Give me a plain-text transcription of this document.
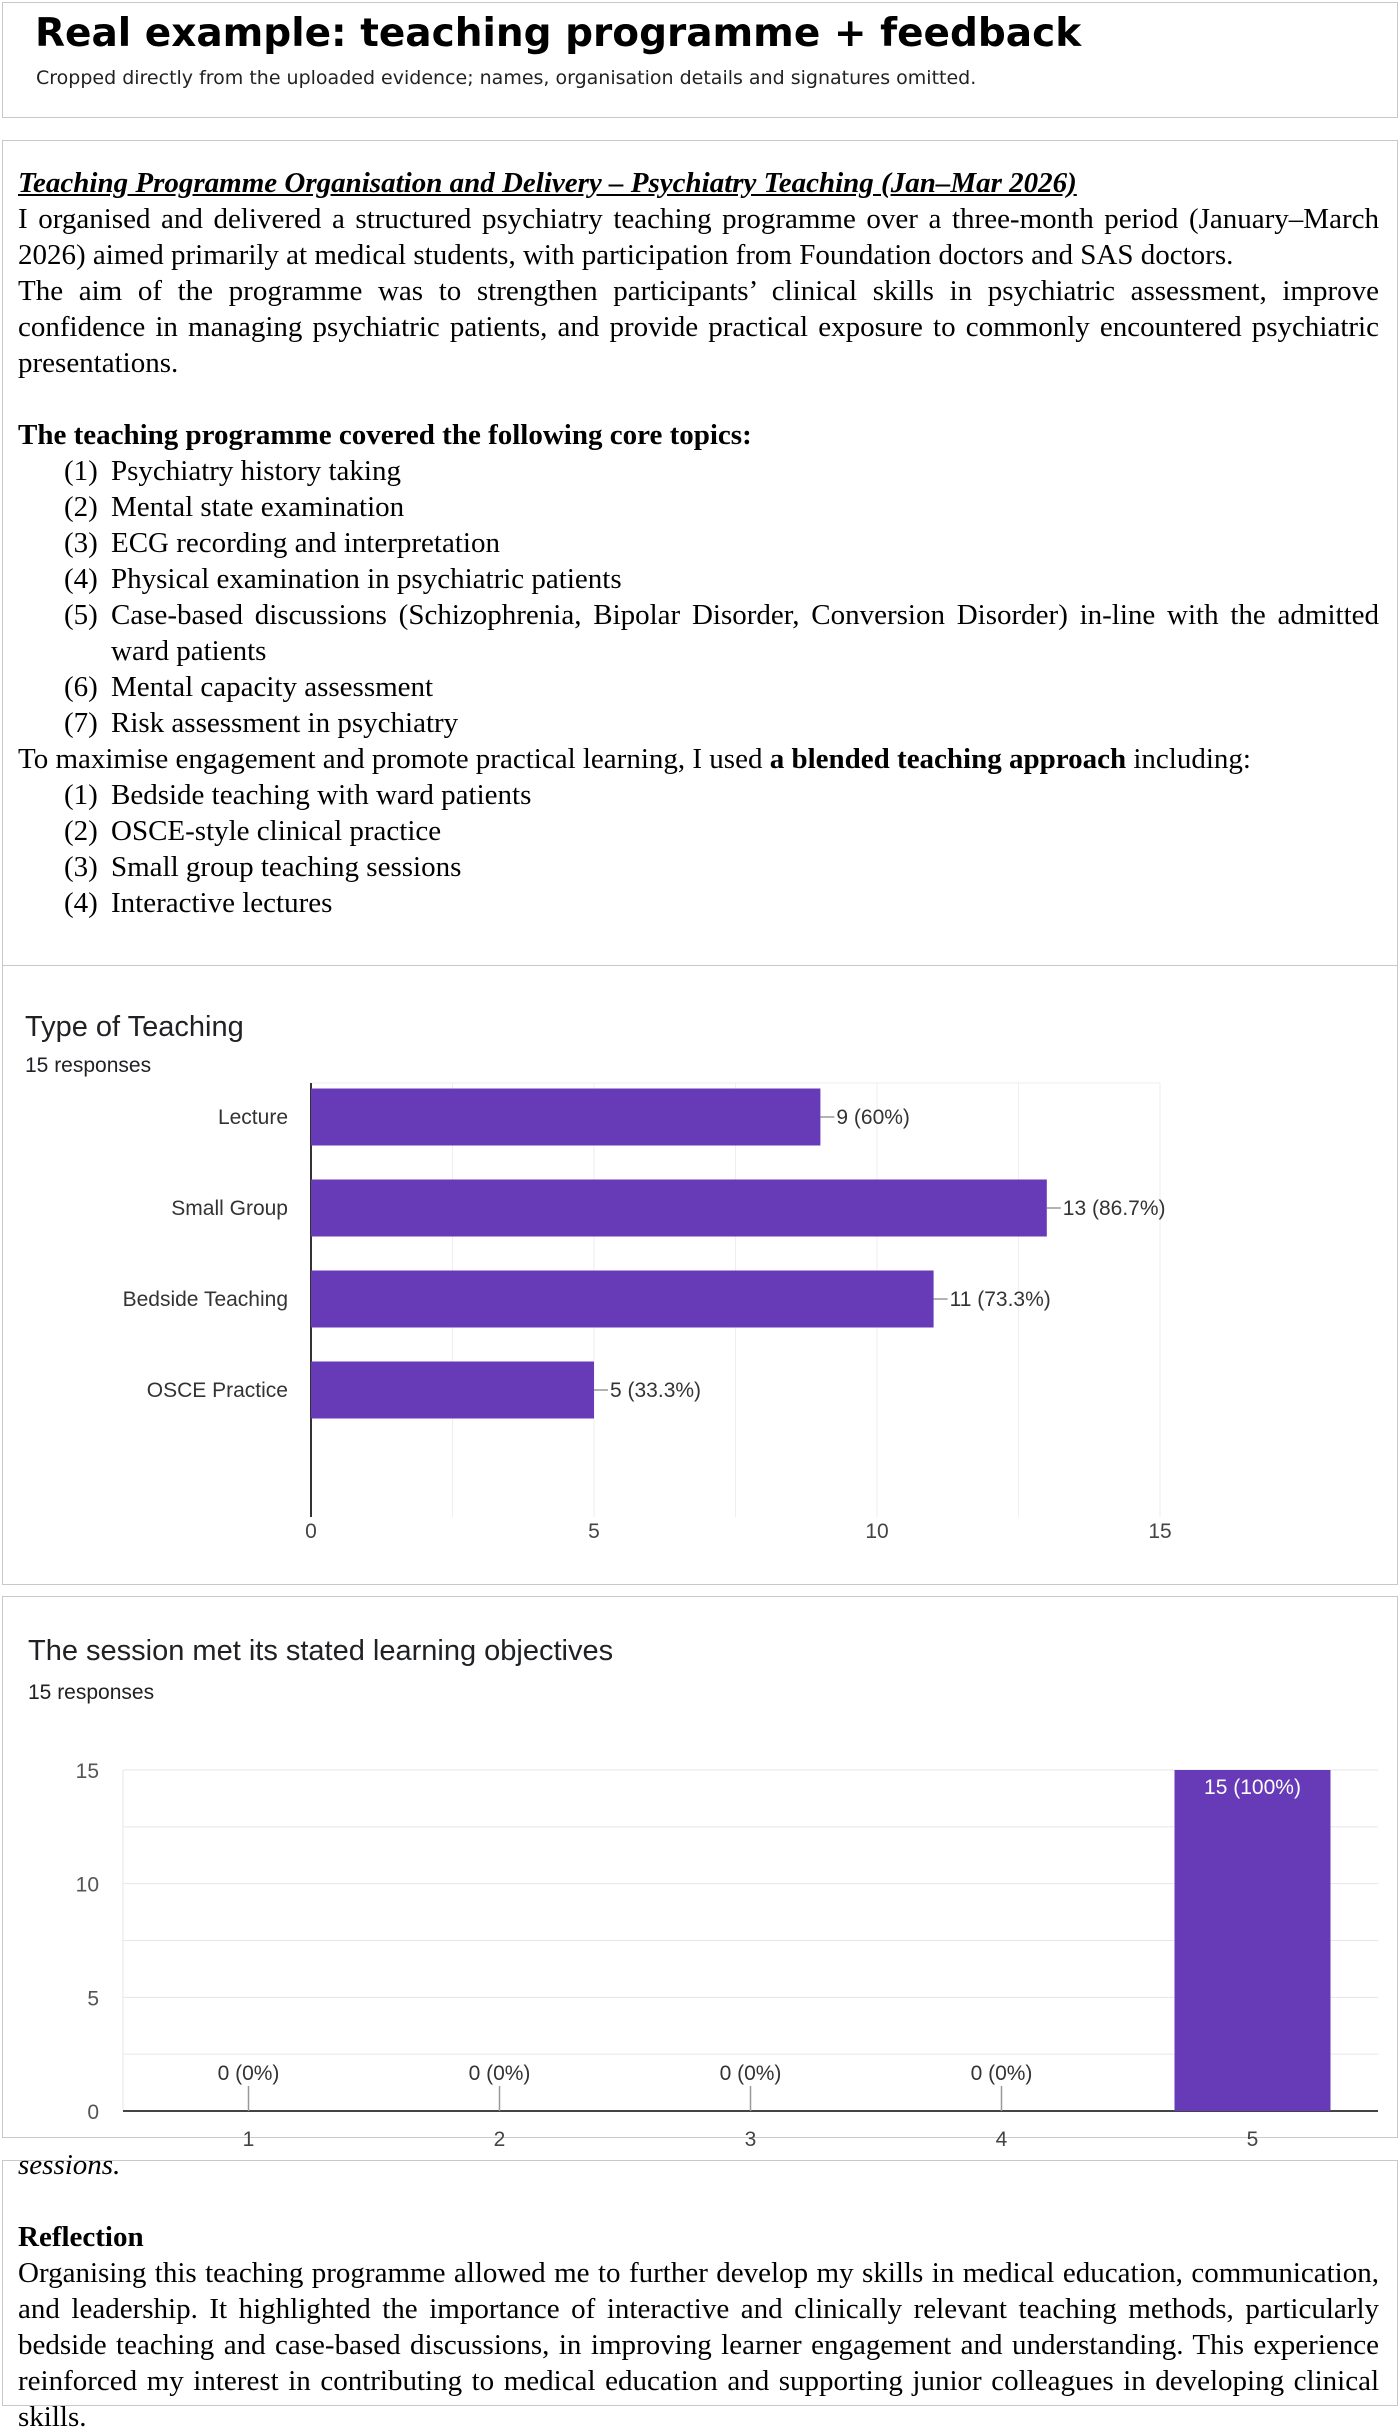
Real example: teaching programme + feedback
Cropped directly from the uploaded evidence; names, organisation details and signatures omitted.

Teaching Programme Organisation and Delivery – Psychiatry Teaching (Jan–Mar 2026)

I organised and delivered a structured psychiatry teaching programme over a three-month period (January–March 2026) aimed primarily at medical students, with participation from Foundation doctors and SAS doctors.

The aim of the programme was to strengthen participants’ clinical skills in psychiatric assessment, improve confidence in managing psychiatric patients, and provide practical exposure to commonly encountered psychiatric presentations.

The teaching programme covered the following core topics:

(1) Psychiatry history taking
(2) Mental state examination
(3) ECG recording and interpretation
(4) Physical examination in psychiatric patients
(5) Case-based discussions (Schizophrenia, Bipolar Disorder, Conversion Disorder) in-line with the admitted ward patients
(6) Mental capacity assessment
(7) Risk assessment in psychiatry

To maximise engagement and promote practical learning, I used a blended teaching approach including:

(1) Bedside teaching with ward patients
(2) OSCE-style clinical practice
(3) Small group teaching sessions
(4) Interactive lectures
Type of Teaching
15 responses
0	5	10	15
Lecture	9 (60%)
Small Group	13 (86.7%)
Bedside Teaching	11 (73.3%)
OSCE Practice	5 (33.3%)
The session met its stated learning objectives
15 responses
0
5
10
15
0 (0%)
1
0 (0%)
2
0 (0%)
3
0 (0%)
4
15 (100%)
5

sessions.

Reflection

Organising this teaching programme allowed me to further develop my skills in medical education, communication, and leadership. It highlighted the importance of interactive and clinically relevant teaching methods, particularly bedside teaching and case-based discussions, in improving learner engagement and understanding. This experience reinforced my interest in contributing to medical education and supporting junior colleagues in developing clinical skills.
